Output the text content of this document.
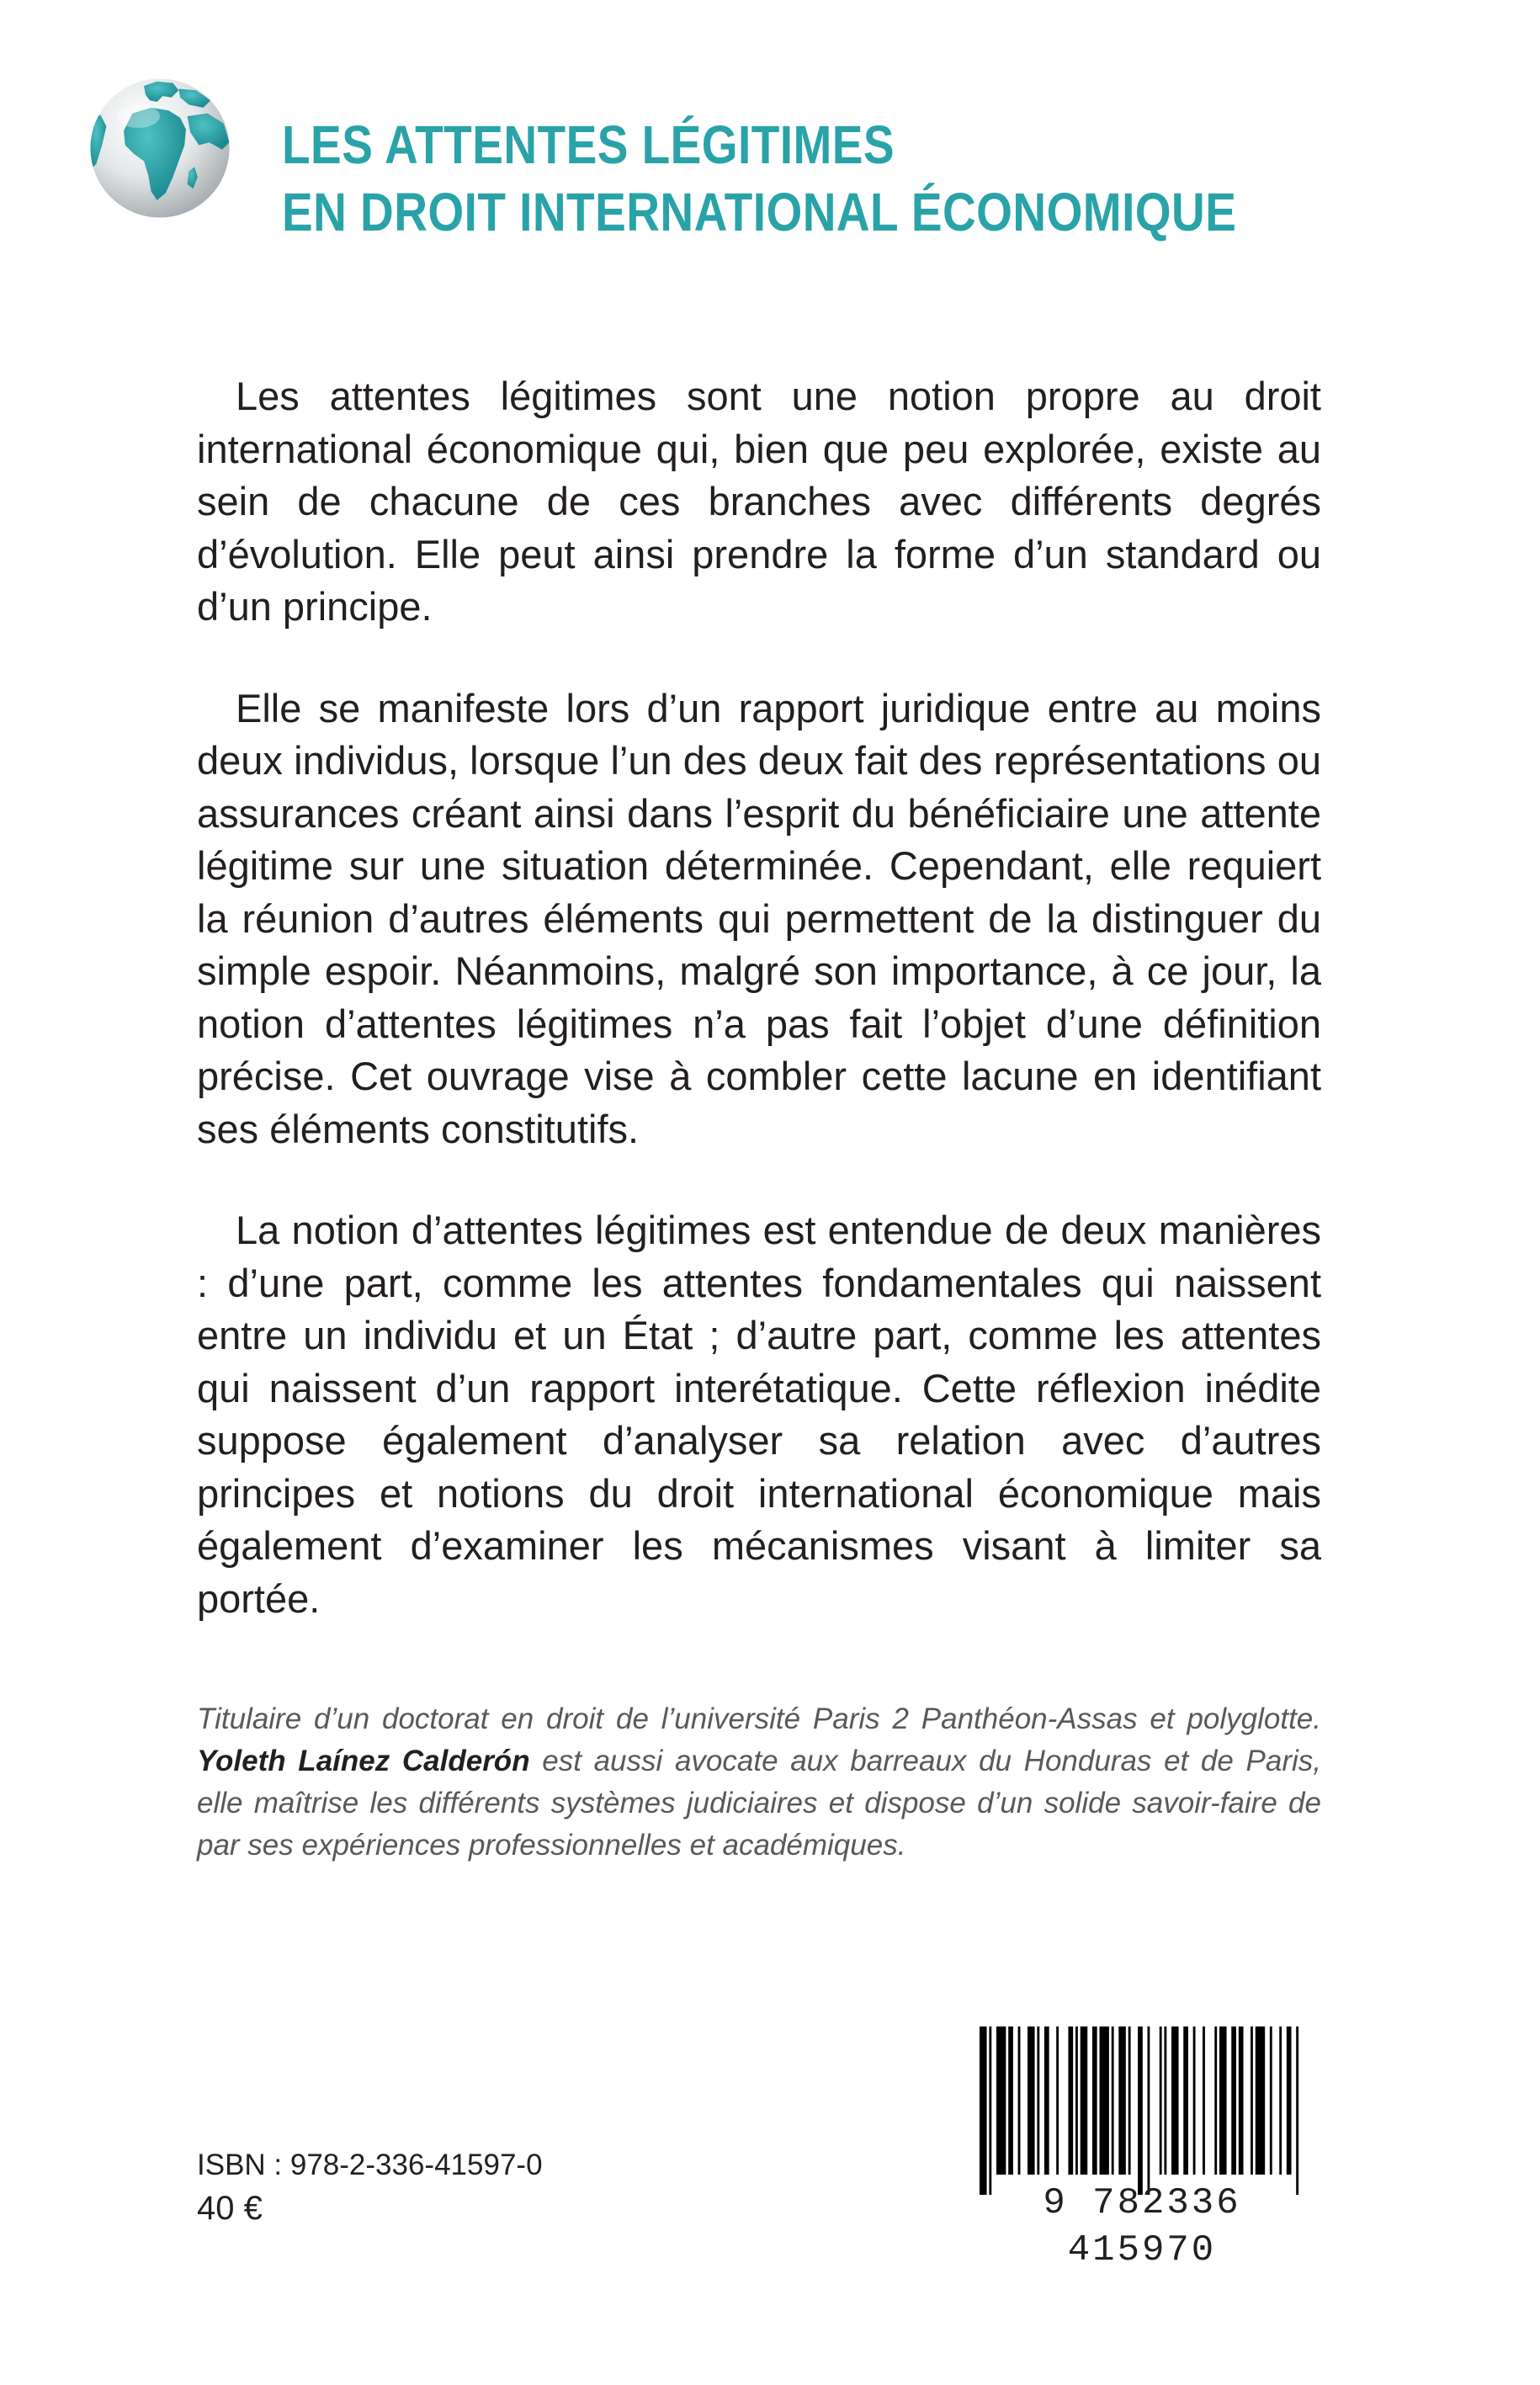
LES ATTENTES LÉGITIMES
EN DROIT INTERNATIONAL ÉCONOMIQUE

Les attentes légitimes sont une notion propre au droit international économique qui, bien que peu explorée, existe au sein de chacune de ces branches avec différents degrés d’évolution. Elle peut ainsi prendre la forme d’un standard ou d’un principe.

Elle se manifeste lors d’un rapport juridique entre au moins deux individus, lorsque l’un des deux fait des représentations ou assurances créant ainsi dans l’esprit du bénéficiaire une attente légitime sur une situation déterminée. Cependant, elle requiert la réunion d’autres éléments qui permettent de la distinguer du simple espoir. Néanmoins, malgré son importance, à ce jour, la notion d’attentes légitimes n’a pas fait l’objet d’une définition précise. Cet ouvrage vise à combler cette lacune en identifiant ses éléments constitutifs.

La notion d’attentes légitimes est entendue de deux manières : d’une part, comme les attentes fondamentales qui naissent entre un individu et un État ; d’autre part, comme les attentes qui naissent d’un rapport interétatique. Cette réflexion inédite suppose également d’analyser sa relation avec d’autres principes et notions du droit international économique mais également d’examiner les mécanismes visant à limiter sa portée.

Titulaire d’un doctorat en droit de l’université Paris 2 Panthéon-Assas et polyglotte. Yoleth Laínez Calderón est aussi avocate aux barreaux du Honduras et de Paris, elle maîtrise les différents systèmes judiciaires et dispose d’un solide savoir-faire de par ses expériences professionnelles et académiques.

ISBN : 978-2-336-41597-0
40 €	9 782336 415970
